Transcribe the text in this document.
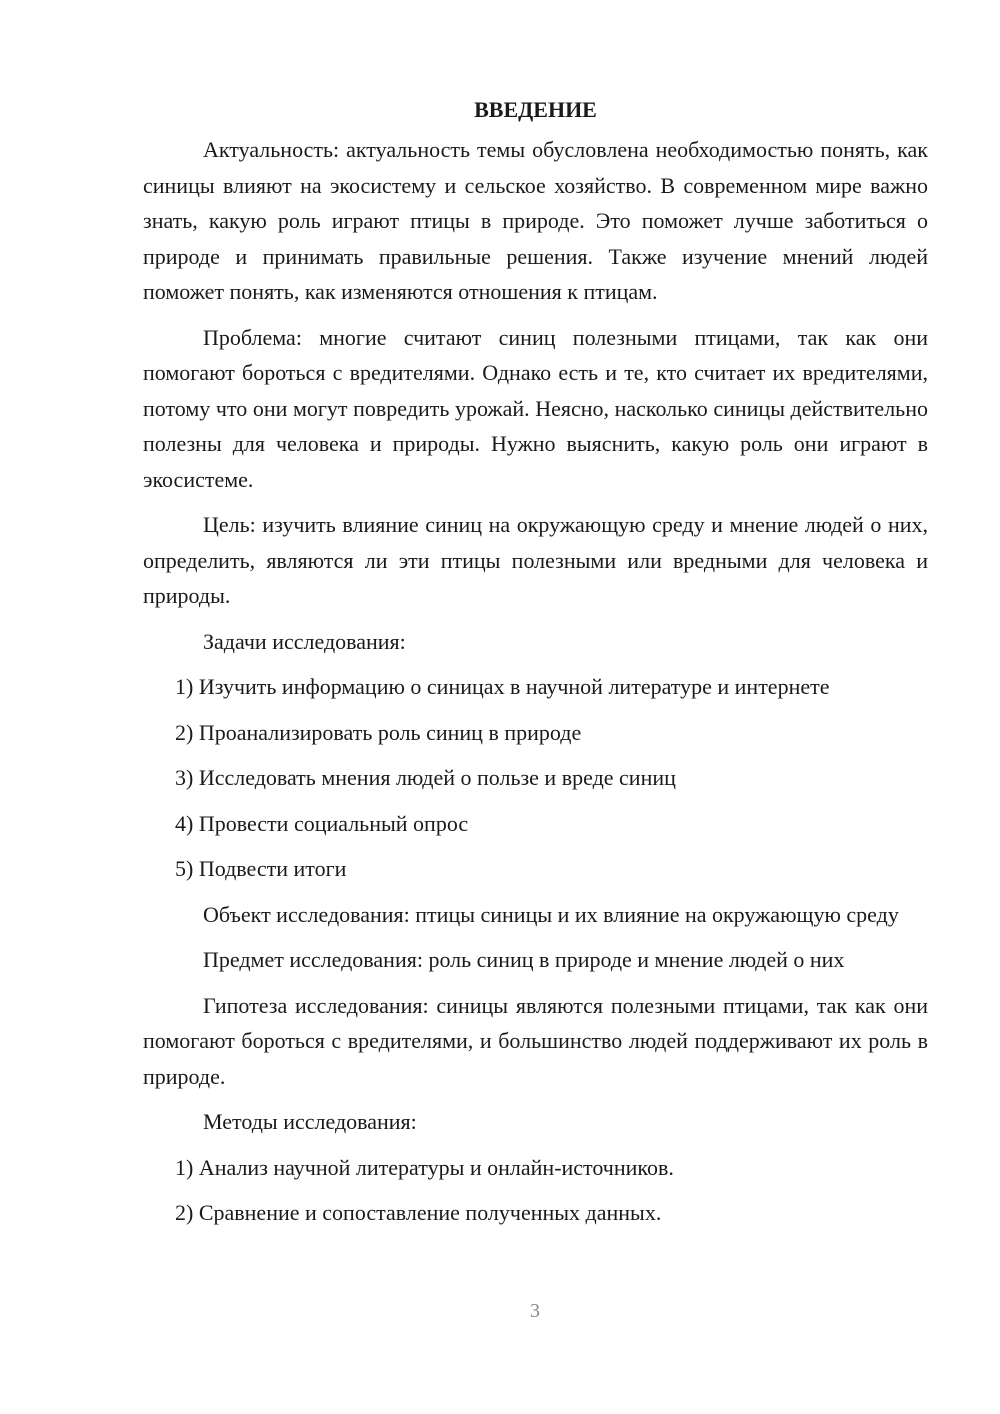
ВВЕДЕНИЕ

Актуальность: актуальность темы обусловлена необходимостью понять, как синицы влияют на экосистему и сельское хозяйство. В современном мире важно знать, какую роль играют птицы в природе. Это поможет лучше заботиться о природе и принимать правильные решения. Также изучение мнений людей поможет понять, как изменяются отношения к птицам.

Проблема: многие считают синиц полезными птицами, так как они помогают бороться с вредителями. Однако есть и те, кто считает их вредителями, потому что они могут повредить урожай. Неясно, насколько синицы действительно полезны для человека и природы. Нужно выяснить, какую роль они играют в экосистеме.

Цель: изучить влияние синиц на окружающую среду и мнение людей о них, определить, являются ли эти птицы полезными или вредными для человека и природы.

Задачи исследования:

1) Изучить информацию о синицах в научной литературе и интернете

2) Проанализировать роль синиц в природе

3) Исследовать мнения людей о пользе и вреде синиц

4) Провести социальный опрос

5) Подвести итоги

Объект исследования: птицы синицы и их влияние на окружающую среду

Предмет исследования: роль синиц в природе и мнение людей о них

Гипотеза исследования: синицы являются полезными птицами, так как они помогают бороться с вредителями, и большинство людей поддерживают их роль в природе.

Методы исследования:

1) Анализ научной литературы и онлайн-источников.

2) Сравнение и сопоставление полученных данных.

3
